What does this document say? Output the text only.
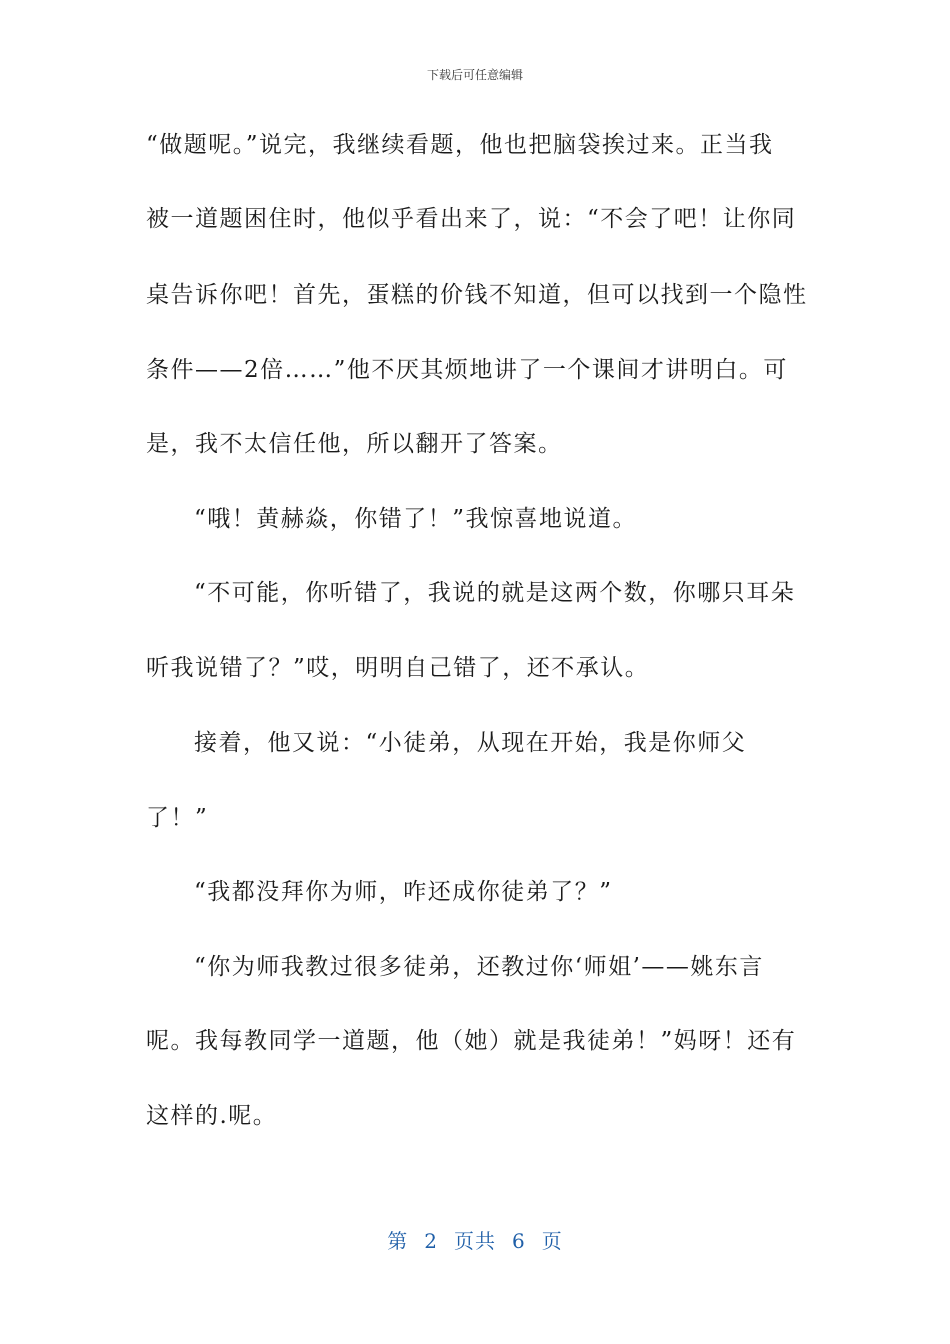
下载后可任意编辑
“做题呢。”说完，我继续看题，他也把脑袋挨过来。正当我
被一道题困住时，他似乎看出来了，说：“不会了吧！让你同
桌告诉你吧！首先，蛋糕的价钱不知道，但可以找到一个隐性
条件——2倍……”他不厌其烦地讲了一个课间才讲明白。可
是，我不太信任他，所以翻开了答案。
“哦！黄赫焱，你错了！”我惊喜地说道。
“不可能，你听错了，我说的就是这两个数，你哪只耳朵
听我说错了？”哎，明明自己错了，还不承认。
接着，他又说：“小徒弟，从现在开始，我是你师父
了！”
“我都没拜你为师，咋还成你徒弟了？”
“你为师我教过很多徒弟，还教过你‘师姐’——姚东言
呢。我每教同学一道题，他（她）就是我徒弟！”妈呀！还有
这样的.呢。
第 2 页共 6 页
